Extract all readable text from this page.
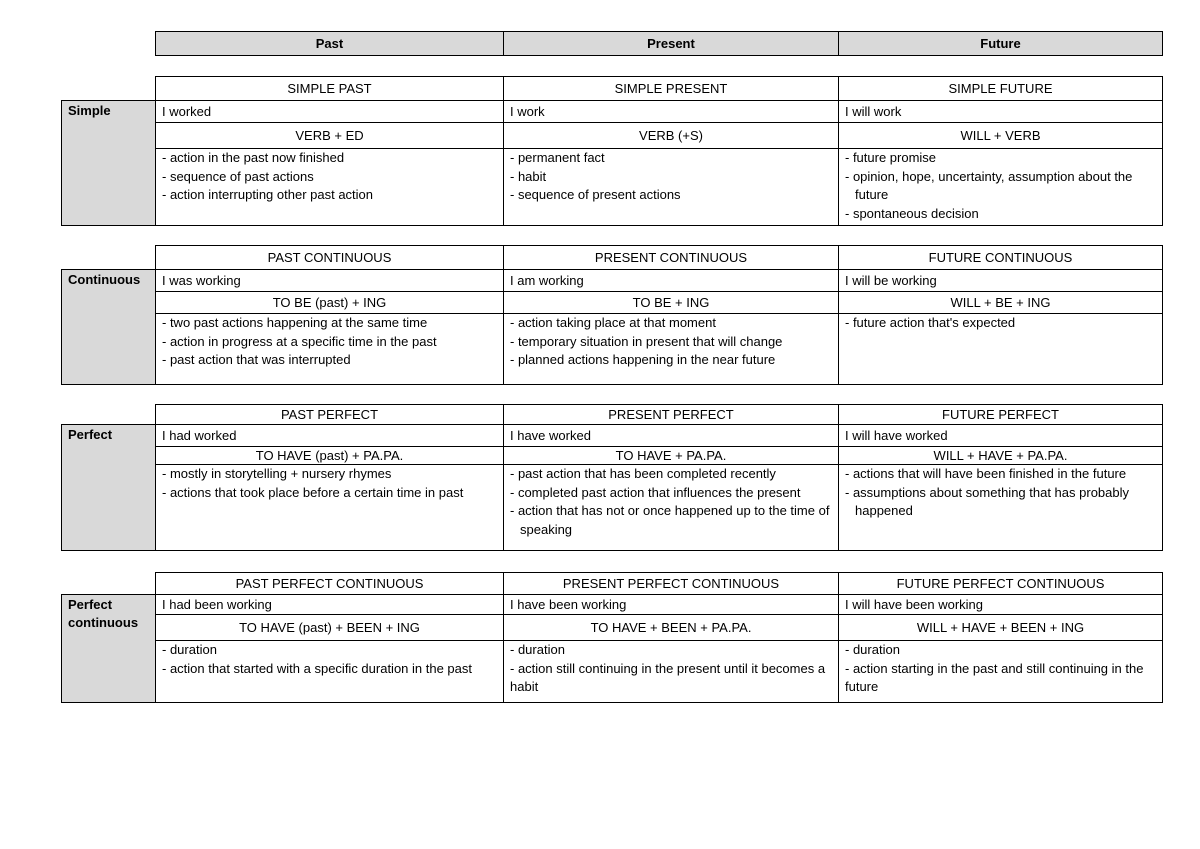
Past	Present	Future
Simple
SIMPLE PAST
I worked
VERB + ED
- action in the past now finished
- sequence of past actions
- action interrupting other past action
SIMPLE PRESENT
I work
VERB (+S)
- permanent fact
- habit
- sequence of present actions
SIMPLE FUTURE
I will work
WILL + VERB
- future promise
- opinion, hope, uncertainty, assumption about the future
- spontaneous decision
Continuous
PAST CONTINUOUS
I was working
TO BE (past) + ING
- two past actions happening at the same time
- action in progress at a specific time in the past
- past action that was interrupted
PRESENT CONTINUOUS
I am working
TO BE + ING
- action taking place at that moment
- temporary situation in present that will change
- planned actions happening in the near future
FUTURE CONTINUOUS
I will be working
WILL + BE + ING
- future action that's expected
Perfect
PAST PERFECT
I had worked
TO HAVE (past) + PA.PA.
- mostly in storytelling + nursery rhymes
- actions that took place before a certain time in past
PRESENT PERFECT
I have worked
TO HAVE + PA.PA.
- past action that has been completed recently
- completed past action that influences the present
- action that has not or once happened up to the time of speaking
FUTURE PERFECT
I will have worked
WILL + HAVE + PA.PA.
- actions that will have been finished in the future
- assumptions about something that has probably happened
Perfect continuous
PAST PERFECT CONTINUOUS
I had been working
TO HAVE (past) + BEEN + ING
- duration
- action that started with a specific duration in the past
PRESENT PERFECT CONTINUOUS
I have been working
TO HAVE + BEEN + PA.PA.
- duration
- action still continuing in the present until it becomes a habit
FUTURE PERFECT CONTINUOUS
I will have been working
WILL + HAVE + BEEN + ING
- duration
- action starting in the past and still continuing in the future
